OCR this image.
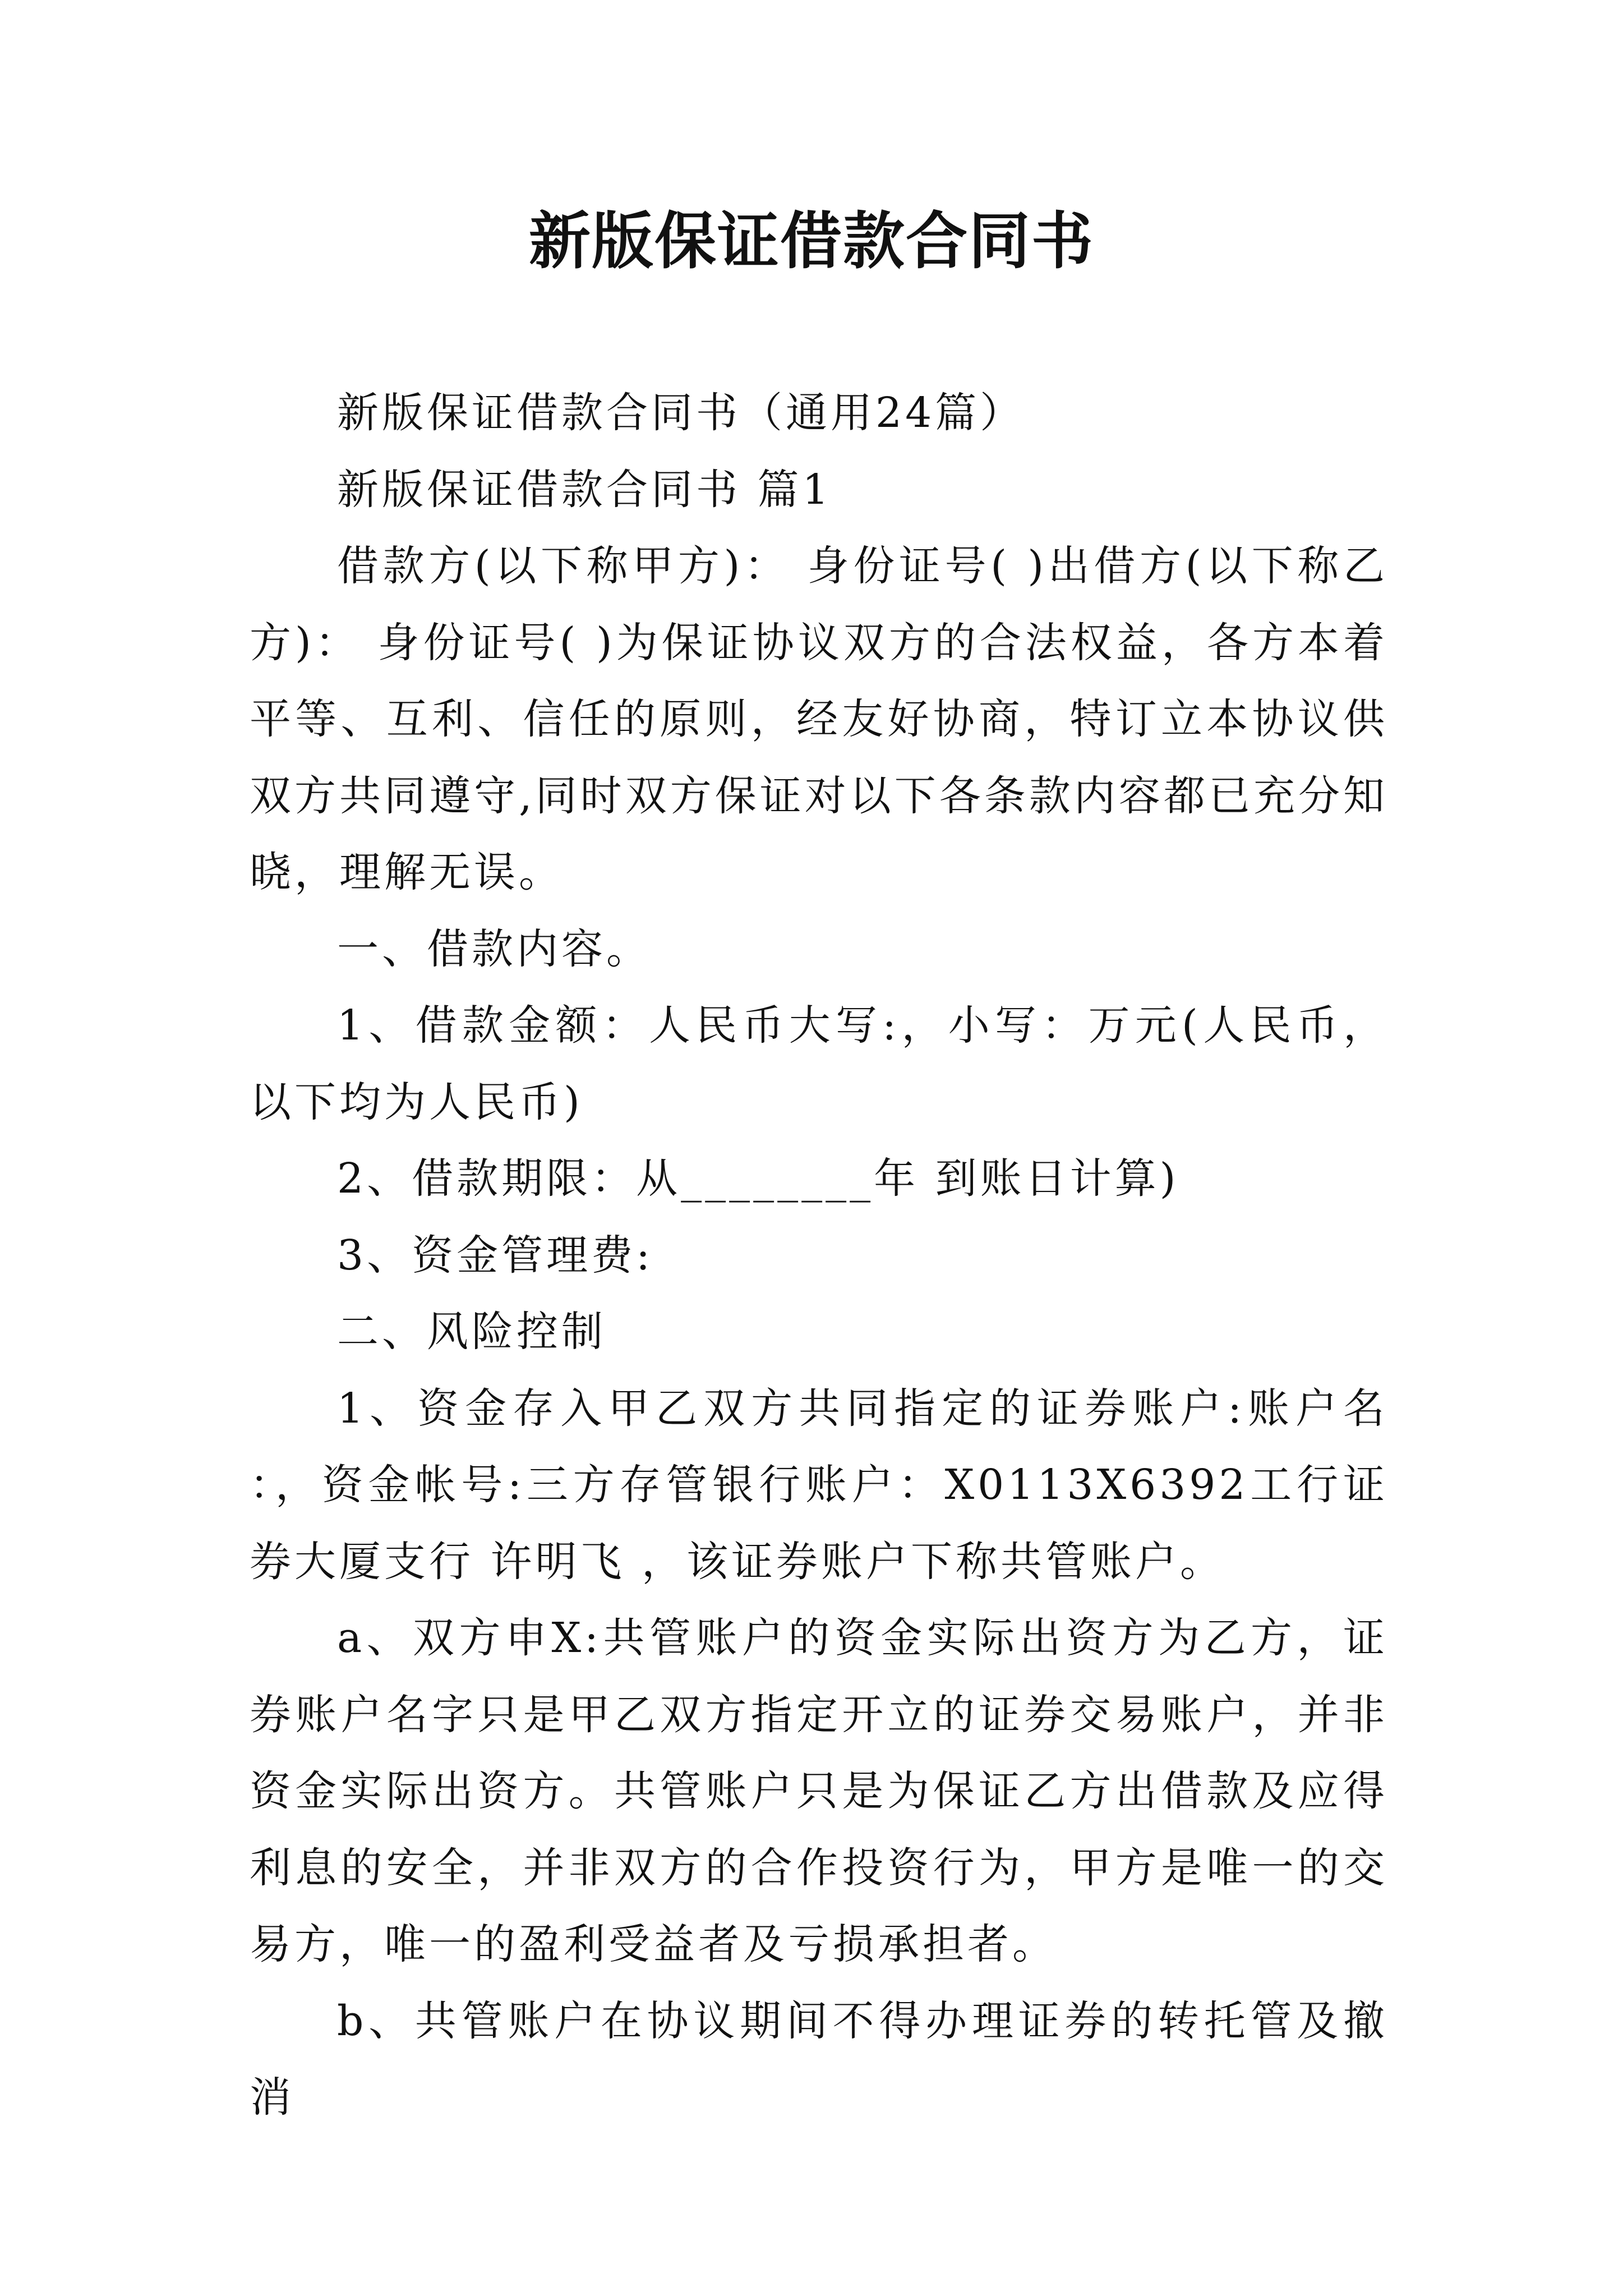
新版保证借款合同书

新版保证借款合同书（通用24篇）

新版保证借款合同书 篇1

借款方(以下称甲方)： 身份证号( )出借方(以下称乙方)： 身份证号( )为保证协议双方的合法权益，各方本着平等、互利、信任的原则，经友好协商，特订立本协议供双方共同遵守,同时双方保证对以下各条款内容都已充分知晓，理解无误。

一、借款内容。

1、借款金额：人民币大写:，小写：万元(人民币，以下均为人民币)

2、借款期限：从________年 到账日计算)

3、资金管理费:

二、风险控制

1、资金存入甲乙双方共同指定的证券账户:账户名 ：，资金帐号:三方存管银行账户：X0113X6392工行证券大厦支行 许明飞 ，该证券账户下称共管账户。

a、双方申X:共管账户的资金实际出资方为乙方，证券账户名字只是甲乙双方指定开立的证券交易账户，并非资金实际出资方。共管账户只是为保证乙方出借款及应得利息的安全，并非双方的合作投资行为，甲方是唯一的交易方，唯一的盈利受益者及亏损承担者。

b、共管账户在协议期间不得办理证券的转托管及撤消
